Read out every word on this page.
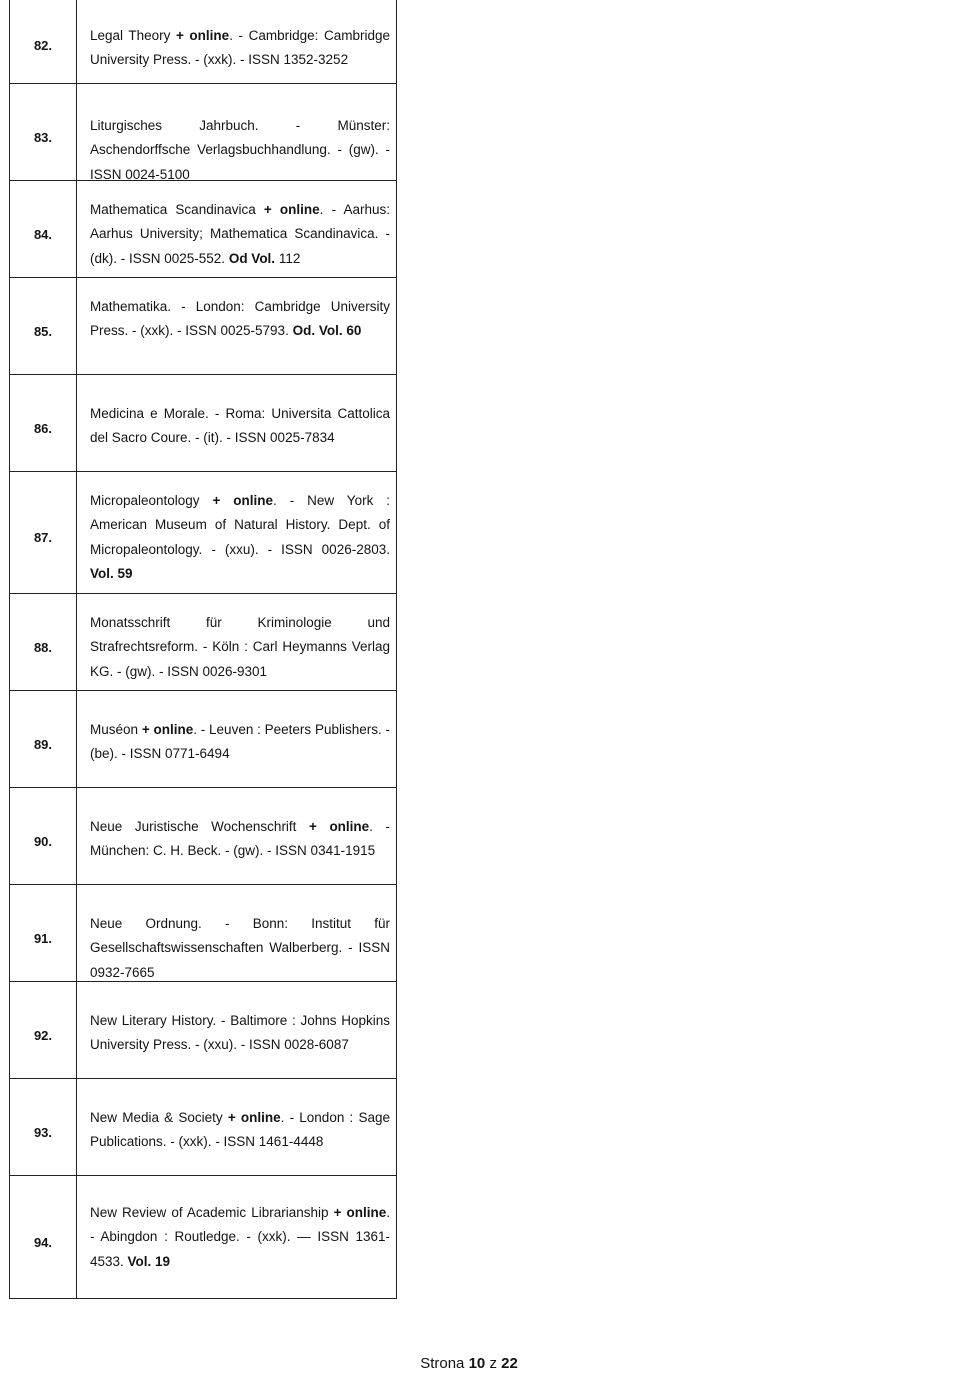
82.
Legal Theory + online. - Cambridge: Cambridge University Press. - (xxk). - ISSN 1352-3252
83.
Liturgisches Jahrbuch. - Münster: Aschendorffsche Verlagsbuchhandlung. - (gw). - ISSN 0024-5100
84.
Mathematica Scandinavica + online. - Aarhus: Aarhus University; Mathematica Scandinavica. - (dk). - ISSN 0025-552. Od Vol. 112
85.
Mathematika. - London: Cambridge University Press. - (xxk). - ISSN 0025-5793. Od. Vol. 60
86.
Medicina e Morale. - Roma: Universita Cattolica del Sacro Coure. - (it). - ISSN 0025-7834
87.
Micropaleontology + online. - New York : American Museum of Natural History. Dept. of Micropaleontology. - (xxu). - ISSN 0026-2803. Vol. 59
88.
Monatsschrift für Kriminologie und Strafrechtsreform. - Köln : Carl Heymanns Verlag KG. - (gw). - ISSN 0026-9301
89.
Muséon + online. - Leuven : Peeters Publishers. - (be). - ISSN 0771-6494
90.
Neue Juristische Wochenschrift + online. - München: C. H. Beck. - (gw). - ISSN 0341-1915
91.
Neue Ordnung. - Bonn: Institut für Gesellschaftswissenschaften Walberberg. - ISSN 0932-7665
92.
New Literary History. - Baltimore : Johns Hopkins University Press. - (xxu). - ISSN 0028-6087
93.
New Media & Society + online. - London : Sage Publications. - (xxk). - ISSN 1461-4448
94.
New Review of Academic Librarianship + online. - Abingdon : Routledge. - (xxk). — ISSN 1361-4533. Vol. 19
Strona 10 z 22
